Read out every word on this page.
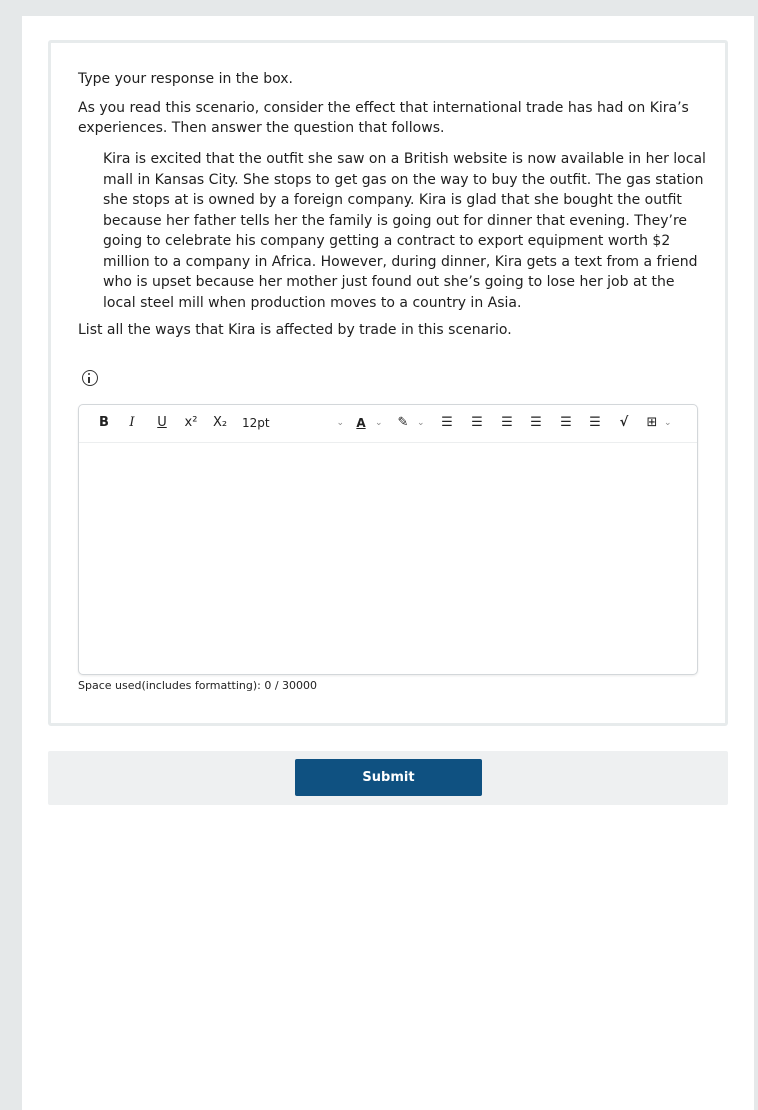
Type your response in the box.

As you read this scenario, consider the effect that international trade has had on Kira’s experiences. Then answer the question that follows.

Kira is excited that the outfit she saw on a British website is now available in her local mall in Kansas City. She stops to get gas on the way to buy the outfit. The gas station she stops at is owned by a foreign company. Kira is glad that she bought the outfit because her father tells her the family is going out for dinner that evening. They’re going to celebrate his company getting a contract to export equipment worth $2 million to a company in Africa. However, during dinner, Kira gets a text from a friend who is upset because her mother just found out she’s going to lose her job at the local steel mill when production moves to a country in Asia.

List all the ways that Kira is affected by trade in this scenario.

B I U x² X₂ 12pt	⌄ A ⌄ ✎ ⌄ ☰ ☰ ☰ ☰ ☰ ☰ √ ⊞ ⌄
Space used(includes formatting): 0 / 30000
Submit
